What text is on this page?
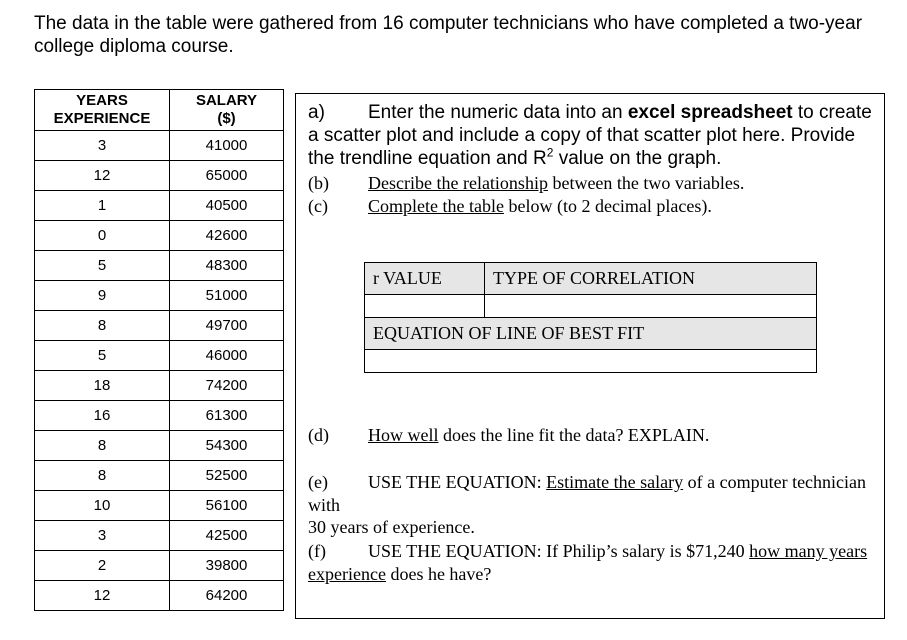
The data in the table were gathered from 16 computer technicians who have completed a two-year college diploma course.
YEARS
EXPERIENCE	SALARY
($)
3	41000
12	65000
1	40500
0	42600
5	48300
9	51000
8	49700
5	46000
18	74200
16	61300
8	54300
8	52500
10	56100
3	42500
2	39800
12	64200
a) Enter the numeric data into an excel spreadsheet to create a scatter plot and include a copy of that scatter plot here. Provide the trendline equation and $R^2$ value on the graph.
(b) Describe the relationship between the two variables.
(c) Complete the table below (to 2 decimal places).
r VALUE	TYPE OF CORRELATION

EQUATION OF LINE OF BEST FIT	

(d) How well does the line fit the data? EXPLAIN.
(e) USE THE EQUATION: Estimate the salary of a computer technician with
30 years of experience.
(f) USE THE EQUATION: If Philip’s salary is $71,240 how many years experience does he have?
